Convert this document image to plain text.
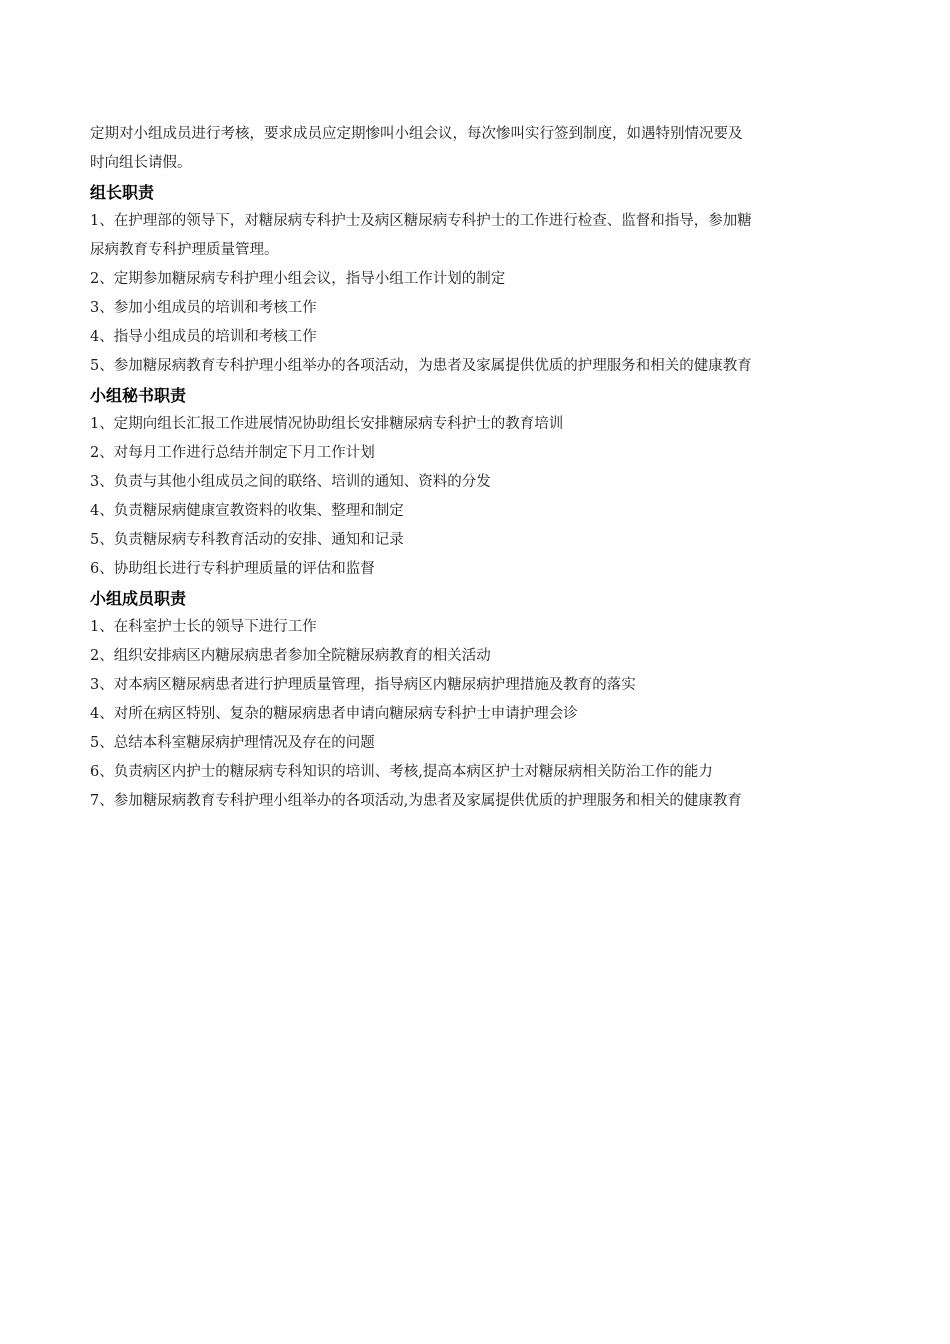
定期对小组成员进行考核，要求成员应定期惨叫小组会议，每次惨叫实行签到制度，如遇特别情况要及

时向组长请假。

组长职责

1、在护理部的领导下，对糖尿病专科护士及病区糖尿病专科护士的工作进行检查、监督和指导，参加糖

尿病教育专科护理质量管理。

2、定期参加糖尿病专科护理小组会议，指导小组工作计划的制定

3、参加小组成员的培训和考核工作

4、指导小组成员的培训和考核工作

5、参加糖尿病教育专科护理小组举办的各项活动，为患者及家属提供优质的护理服务和相关的健康教育

小组秘书职责

1、定期向组长汇报工作进展情况协助组长安排糖尿病专科护士的教育培训

2、对每月工作进行总结并制定下月工作计划

3、负责与其他小组成员之间的联络、培训的通知、资料的分发

4、负责糖尿病健康宣教资料的收集、整理和制定

5、负责糖尿病专科教育活动的安排、通知和记录

6、协助组长进行专科护理质量的评估和监督

小组成员职责

1、在科室护士长的领导下进行工作

2、组织安排病区内糖尿病患者参加全院糖尿病教育的相关活动

3、对本病区糖尿病患者进行护理质量管理，指导病区内糖尿病护理措施及教育的落实

4、对所在病区特别、复杂的糖尿病患者申请向糖尿病专科护士申请护理会诊

5、总结本科室糖尿病护理情况及存在的问题

6、负责病区内护士的糖尿病专科知识的培训、考核,提高本病区护士对糖尿病相关防治工作的能力

7、参加糖尿病教育专科护理小组举办的各项活动,为患者及家属提供优质的护理服务和相关的健康教育
